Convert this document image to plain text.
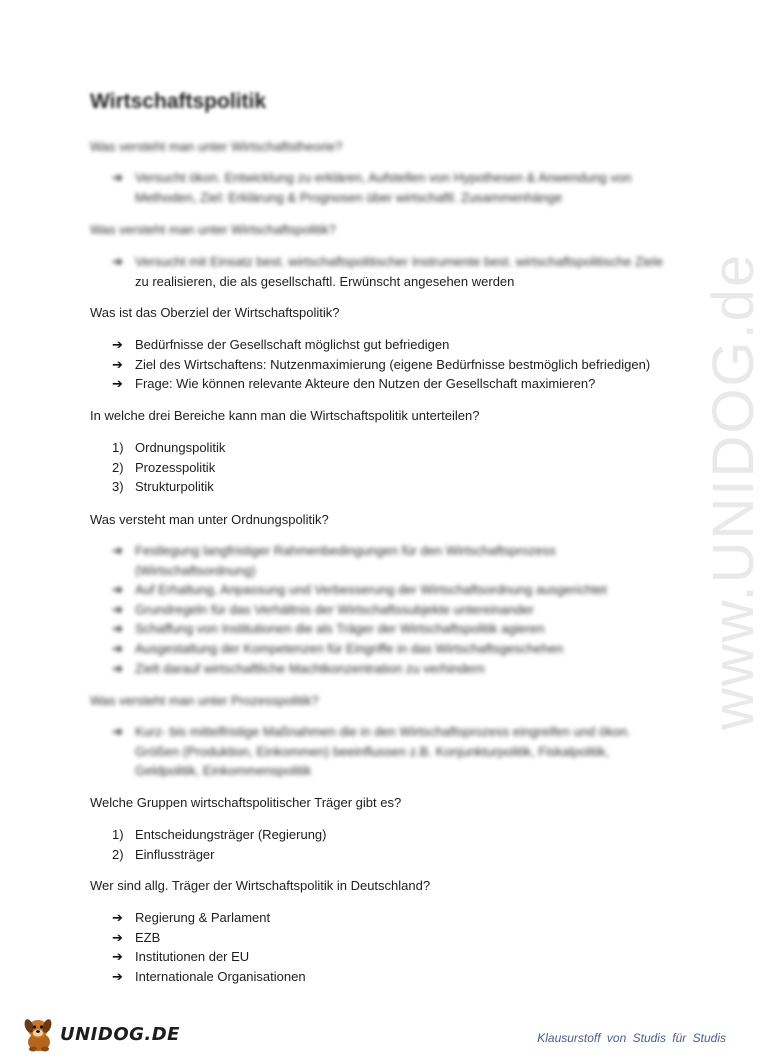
www.UNIDOG.de
Wirtschaftspolitik
Was versteht man unter Wirtschaftstheorie?
➔ Versucht ökon. Entwicklung zu erklären, Aufstellen von Hypothesen & Anwendung von
Methoden, Ziel: Erklärung & Prognosen über wirtschaftl. Zusammenhänge
Was versteht man unter Wirtschaftspolitik?
➔ Versucht mit Einsatz best. wirtschaftspolitischer Instrumente best. wirtschaftspolitische Ziele
zu realisieren, die als gesellschaftl. Erwünscht angesehen werden
Was ist das Oberziel der Wirtschaftspolitik?
➔ Bedürfnisse der Gesellschaft möglichst gut befriedigen
➔ Ziel des Wirtschaftens: Nutzenmaximierung (eigene Bedürfnisse bestmöglich befriedigen)
➔ Frage: Wie können relevante Akteure den Nutzen der Gesellschaft maximieren?
In welche drei Bereiche kann man die Wirtschaftspolitik unterteilen?
1) Ordnungspolitik
2) Prozesspolitik
3) Strukturpolitik
Was versteht man unter Ordnungspolitik?
➔ Festlegung langfristiger Rahmenbedingungen für den Wirtschaftsprozess
(Wirtschaftsordnung)
➔ Auf Erhaltung, Anpassung und Verbesserung der Wirtschaftsordnung ausgerichtet
➔ Grundregeln für das Verhältnis der Wirtschaftssubjekte untereinander
➔ Schaffung von Institutionen die als Träger der Wirtschaftspolitik agieren
➔ Ausgestaltung der Kompetenzen für Eingriffe in das Wirtschaftsgeschehen
➔ Zielt darauf wirtschaftliche Machtkonzentration zu verhindern
Was versteht man unter Prozesspolitik?
➔ Kurz- bis mittelfristige Maßnahmen die in den Wirtschaftsprozess eingreifen und ökon.
Größen (Produktion, Einkommen) beeinflussen z.B. Konjunkturpolitik, Fiskalpolitik,
Geldpolitik, Einkommenspolitik
Welche Gruppen wirtschaftspolitischer Träger gibt es?
1) Entscheidungsträger (Regierung)
2) Einflussträger
Wer sind allg. Träger der Wirtschaftspolitik in Deutschland?
➔ Regierung & Parlament
➔ EZB
➔ Institutionen der EU
➔ Internationale Organisationen
UNIDOG.DE	Klausurstoff von Studis für Studis
